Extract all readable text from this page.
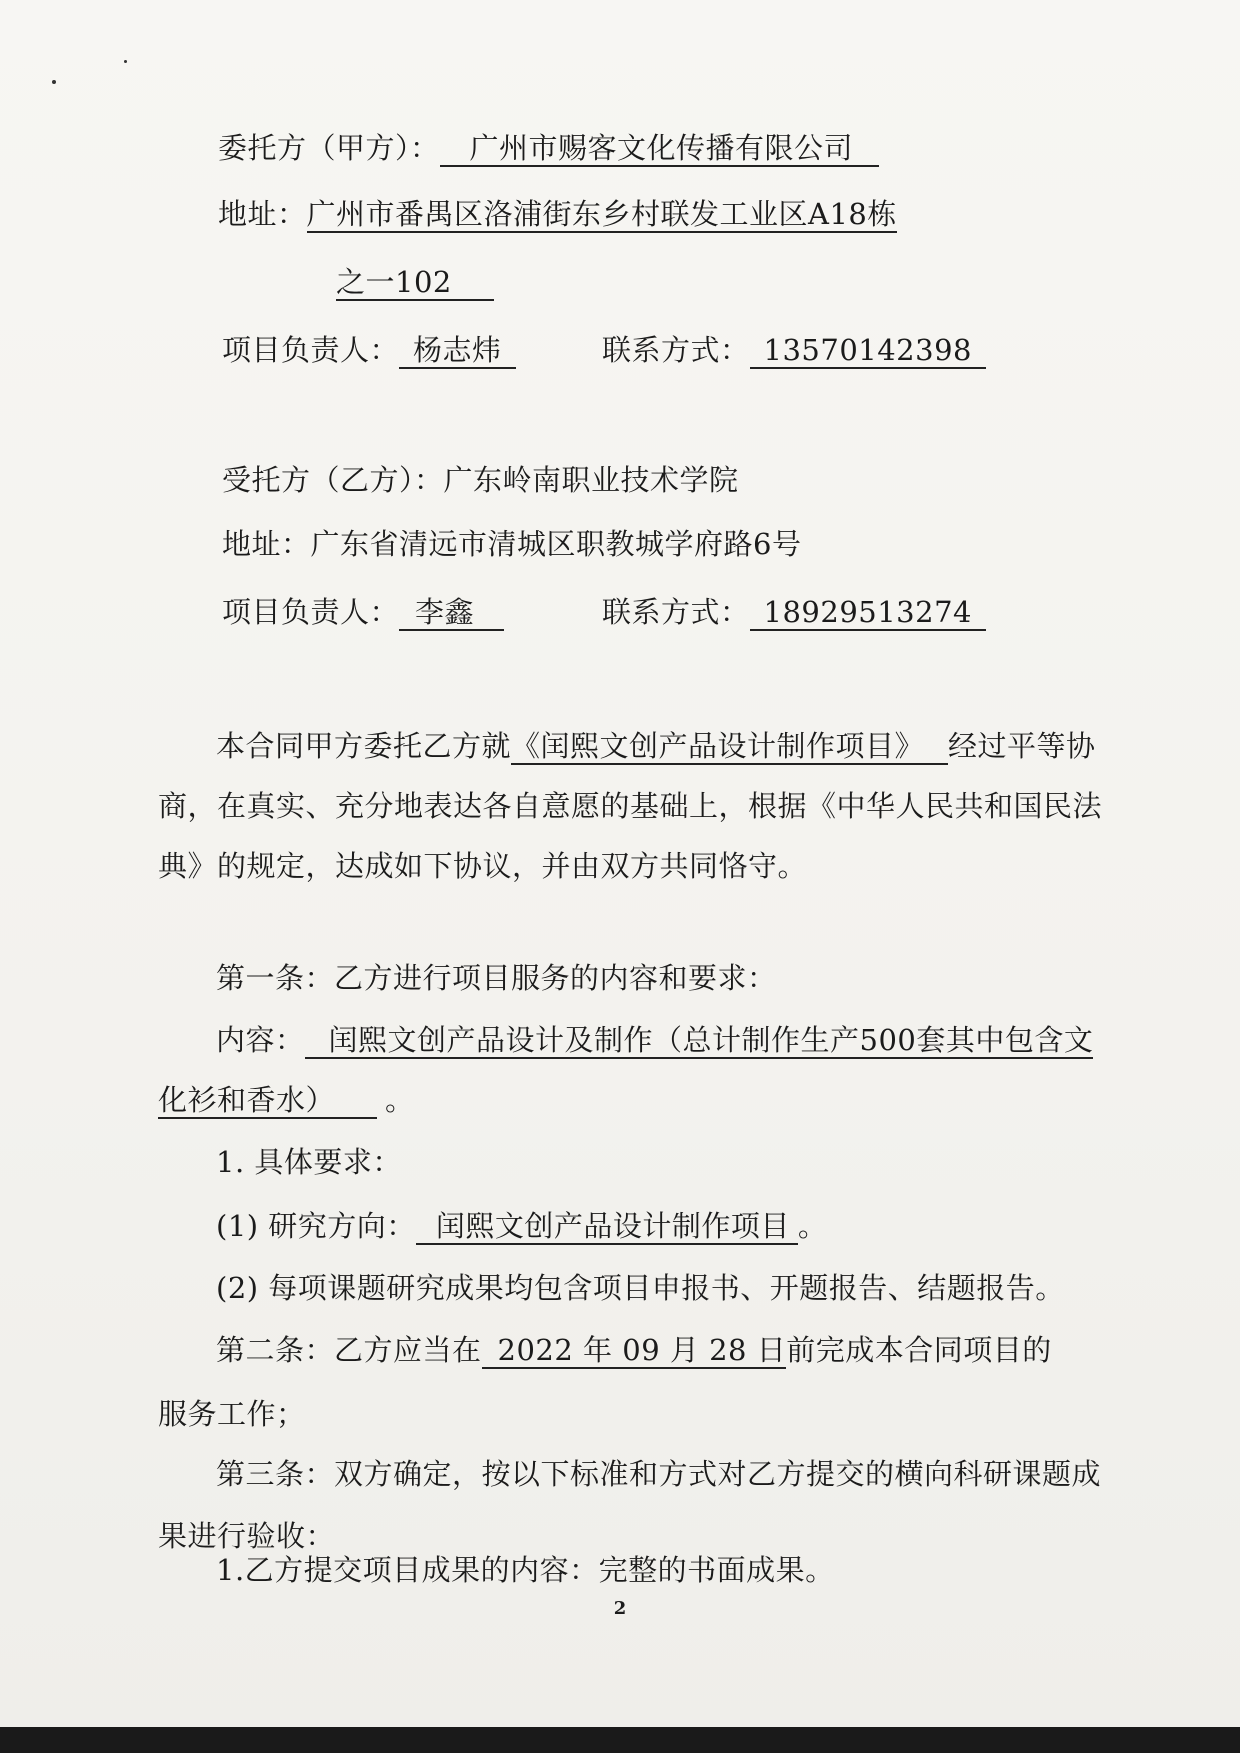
委托方（甲方）： 广州市赐客文化传播有限公司
地址：广州市番禺区洛浦街东乡村联发工业区A18栋
之一102
项目负责人： 杨志炜	联系方式： 13570142398
受托方（乙方）：广东岭南职业技术学院
地址：广东省清远市清城区职教城学府路6号
项目负责人： 李鑫	联系方式： 18929513274
本合同甲方委托乙方就《闰熙文创产品设计制作项目》 经过平等协
商，在真实、充分地表达各自意愿的基础上，根据《中华人民共和国民法
典》的规定，达成如下协议，并由双方共同恪守。
第一条：乙方进行项目服务的内容和要求：
内容： 闰熙文创产品设计及制作（总计制作生产500套其中包含文
化衫和香水） 。
1. 具体要求：
(1) 研究方向： 闰熙文创产品设计制作项目 。
(2) 每项课题研究成果均包含项目申报书、开题报告、结题报告。
第二条：乙方应当在 2022 年 09 月 28 日前完成本合同项目的
服务工作；
第三条：双方确定，按以下标准和方式对乙方提交的横向科研课题成
果进行验收：
1.乙方提交项目成果的内容：完整的书面成果。
2
